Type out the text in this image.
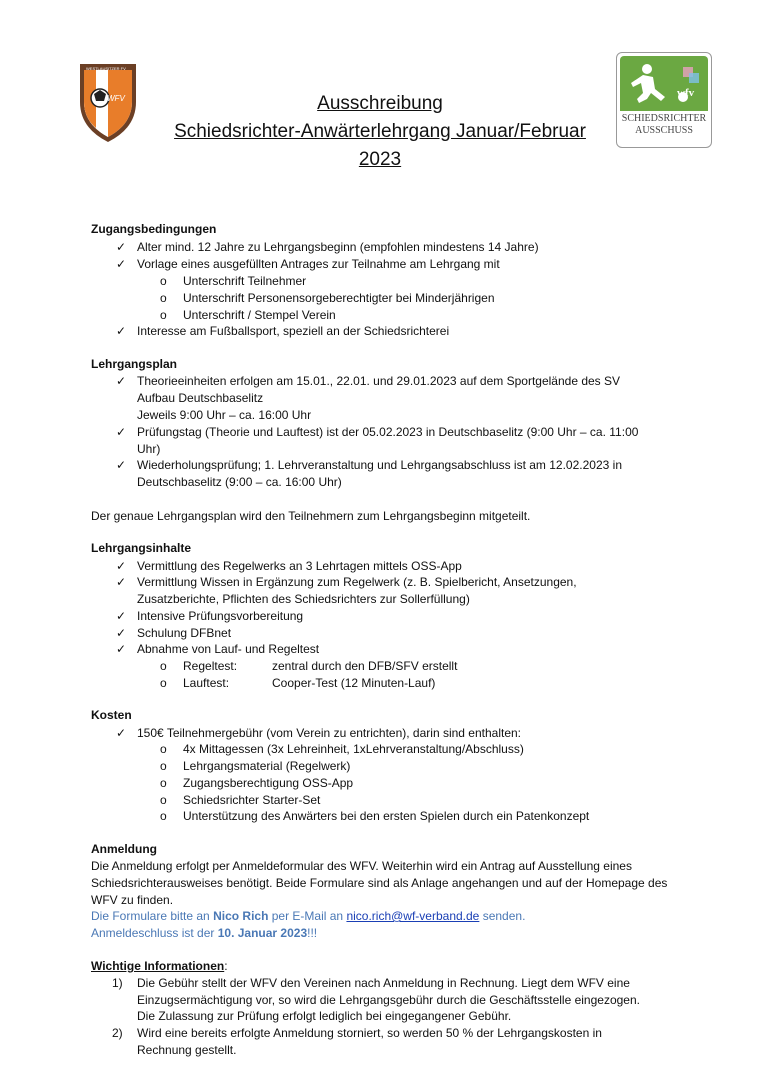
WESTLAUSITZER FV
WFV	wfv
SCHIEDSRICHTER
AUSSCHUSS
Ausschreibung
Schiedsrichter-Anwärterlehrgang Januar/Februar
2023
Zugangsbedingungen
✓ Alter mind. 12 Jahre zu Lehrgangsbeginn (empfohlen mindestens 14 Jahre)
✓ Vorlage eines ausgefüllten Antrages zur Teilnahme am Lehrgang mit
o Unterschrift Teilnehmer
o Unterschrift Personensorgeberechtigter bei Minderjährigen
o Unterschrift / Stempel Verein
✓ Interesse am Fußballsport, speziell an der Schiedsrichterei
Lehrgangsplan
✓ Theorieeinheiten erfolgen am 15.01., 22.01. und 29.01.2023 auf dem Sportgelände des SV
Aufbau Deutschbaselitz
Jeweils 9:00 Uhr – ca. 16:00 Uhr
✓ Prüfungstag (Theorie und Lauftest) ist der 05.02.2023 in Deutschbaselitz (9:00 Uhr – ca. 11:00
Uhr)
✓ Wiederholungsprüfung; 1. Lehrveranstaltung und Lehrgangsabschluss ist am 12.02.2023 in
Deutschbaselitz (9:00 – ca. 16:00 Uhr)
Der genaue Lehrgangsplan wird den Teilnehmern zum Lehrgangsbeginn mitgeteilt.
Lehrgangsinhalte
✓ Vermittlung des Regelwerks an 3 Lehrtagen mittels OSS-App
✓ Vermittlung Wissen in Ergänzung zum Regelwerk (z. B. Spielbericht, Ansetzungen,
Zusatzberichte, Pflichten des Schiedsrichters zur Sollerfüllung)
✓ Intensive Prüfungsvorbereitung
✓ Schulung DFBnet
✓ Abnahme von Lauf- und Regeltest
o Regeltest:	zentral durch den DFB/SFV erstellt
o Lauftest:	Cooper-Test (12 Minuten-Lauf)
Kosten
✓ 150€ Teilnehmergebühr (vom Verein zu entrichten), darin sind enthalten:
o 4x Mittagessen (3x Lehreinheit, 1xLehrveranstaltung/Abschluss)
o Lehrgangsmaterial (Regelwerk)
o Zugangsberechtigung OSS-App
o Schiedsrichter Starter-Set
o Unterstützung des Anwärters bei den ersten Spielen durch ein Patenkonzept
Anmeldung
Die Anmeldung erfolgt per Anmeldeformular des WFV. Weiterhin wird ein Antrag auf Ausstellung eines
Schiedsrichterausweises benötigt. Beide Formulare sind als Anlage angehangen und auf der Homepage des
WFV zu finden.
Die Formulare bitte an Nico Rich per E-Mail an nico.rich@wf-verband.de senden.
Anmeldeschluss ist der 10. Januar 2023!!!
Wichtige Informationen:
1) Die Gebühr stellt der WFV den Vereinen nach Anmeldung in Rechnung. Liegt dem WFV eine
Einzugsermächtigung vor, so wird die Lehrgangsgebühr durch die Geschäftsstelle eingezogen.
Die Zulassung zur Prüfung erfolgt lediglich bei eingegangener Gebühr.
2) Wird eine bereits erfolgte Anmeldung storniert, so werden 50 % der Lehrgangskosten in
Rechnung gestellt.
